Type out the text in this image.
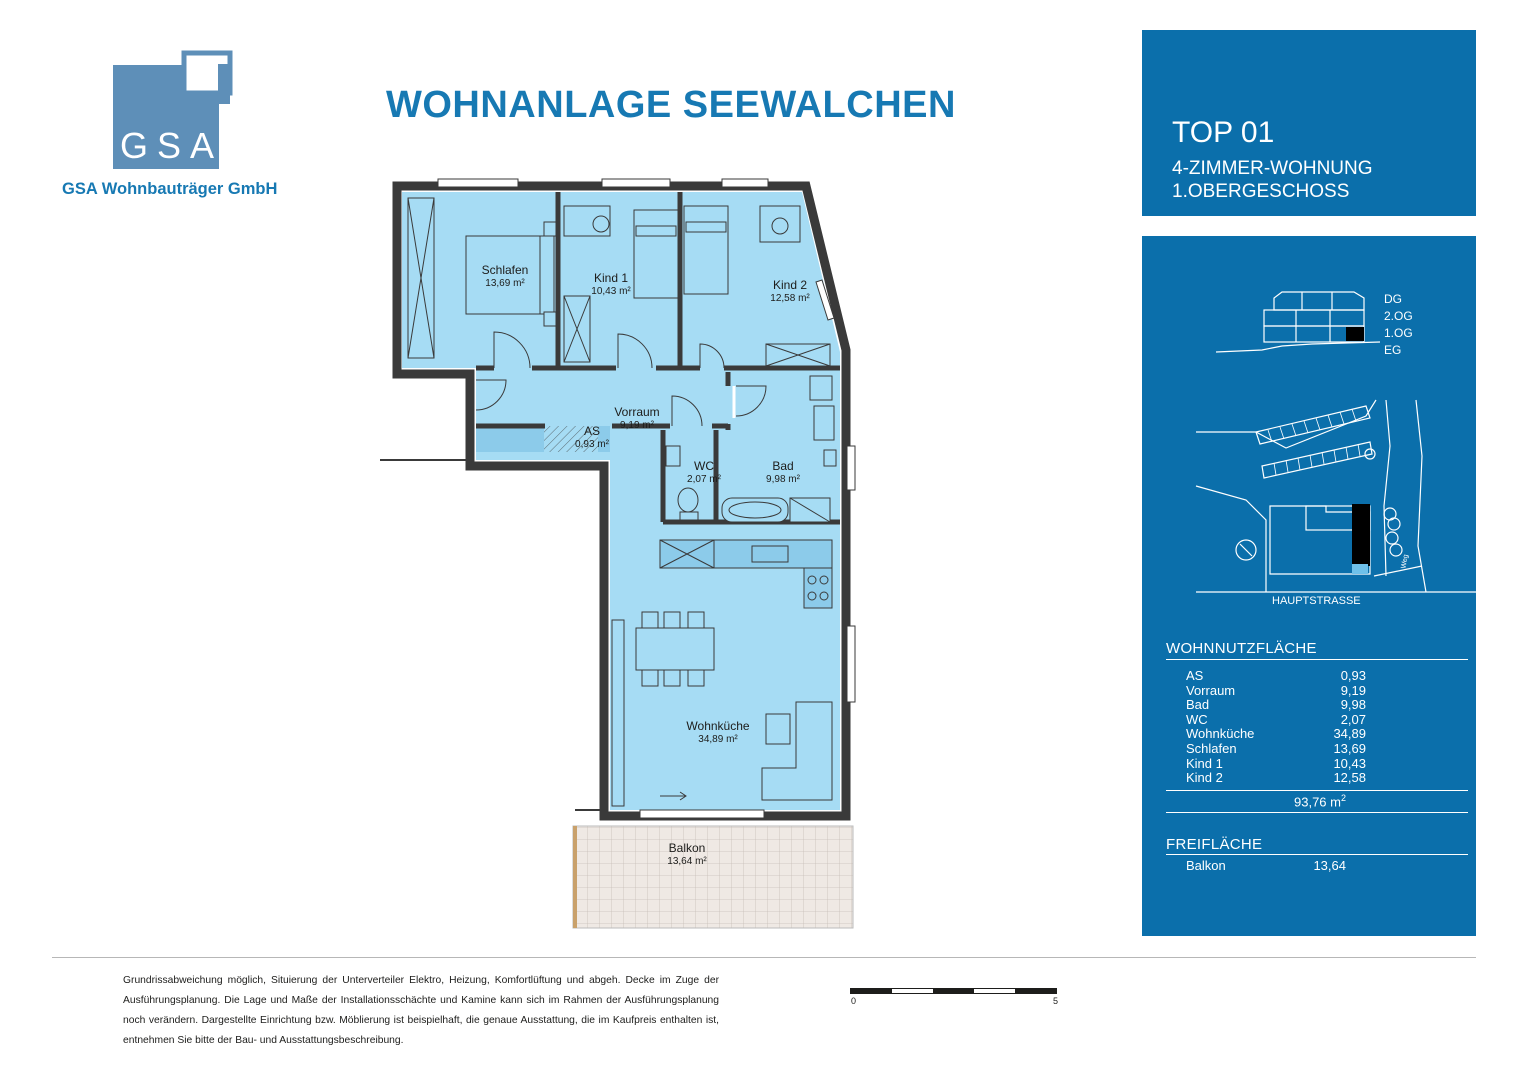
GSA
GSA Wohnbauträger GmbH
WOHNANLAGE SEEWALCHEN
Schlafen
13,69 m²	Kind 1
10,43 m²	Kind 2
12,58 m²
Vorraum
9,19 m²
AS
0,93 m²
WC
2,07 m²
Bad
9,98 m²
Wohnküche
34,89 m²
Balkon
13,64 m²
TOP 01
4-ZIMMER-WOHNUNG
1.OBERGESCHOSS
DG
2.OG
1.OG
EG
HAUPTSTRASSE
Weg
WOHNNUTZFLÄCHE
AS	0,93
Vorraum	9,19
Bad	9,98
WC	2,07
Wohnküche	34,89
Schlafen	13,69
Kind 1	10,43
Kind 2	12,58
93,76 $m^2$
FREIFLÄCHE
Balkon	13,64
Grundrissabweichung möglich, Situierung der Unterverteiler Elektro, Heizung, Komfortlüftung und abgeh. Decke im Zuge der Ausführungsplanung. Die Lage und Maße der Installationsschächte und Kamine kann sich im Rahmen der Ausführungsplanung noch verändern. Dargestellte Einrichtung bzw. Möblierung ist beispielhaft, die genaue Ausstattung, die im Kaufpreis enthalten ist, entnehmen Sie bitte der Bau- und Ausstattungsbeschreibung.
0	5
